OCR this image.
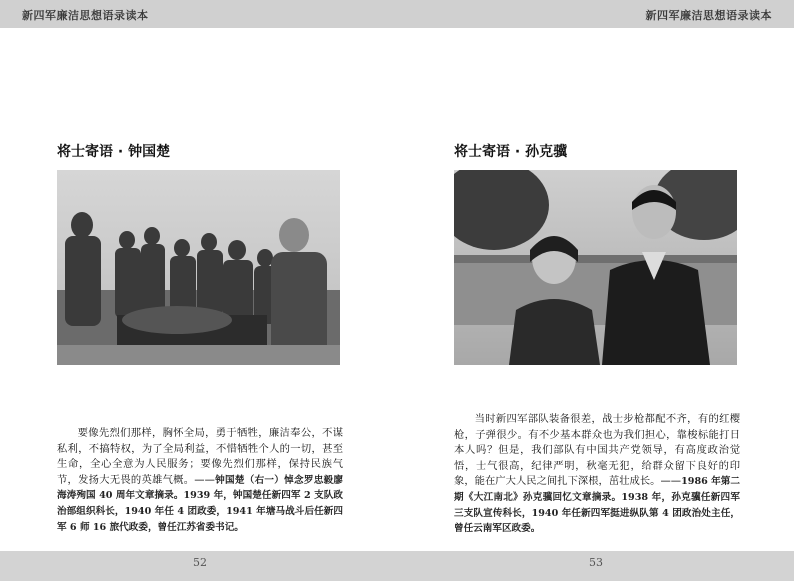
新四军廉洁思想语录读本	新四军廉洁思想语录读本
将士寄语 · 钟国楚
要像先烈们那样，胸怀全局，勇于牺牲，廉洁奉公，不谋私利，不搞特权，为了全局利益，不惜牺牲个人的一切，甚至生命，全心全意为人民服务；要像先烈们那样，保持民族气节，发扬大无畏的英雄气概。——钟国楚（右一）悼念罗忠毅廖海涛殉国 40 周年文章摘录。1939 年，钟国楚任新四军 2 支队政治部组织科长，1940 年任 4 团政委，1941 年塘马战斗后任新四军 6 师 16 旅代政委，曾任江苏省委书记。
52
将士寄语 · 孙克骥
当时新四军部队装备很差，战士步枪都配不齐，有的红樱枪，子弹很少。有不少基本群众也为我们担心，靠梭标能打日本人吗？但是，我们部队有中国共产党领导，有高度政治觉悟，士气很高，纪律严明，秋毫无犯，给群众留下良好的印象，能在广大人民之间扎下深根，茁壮成长。——1986 年第二期《大江南北》孙克骥回忆文章摘录。1938 年，孙克骥任新四军三支队宣传科长，1940 年任新四军挺进纵队第 4 团政治处主任，曾任云南军区政委。
53
